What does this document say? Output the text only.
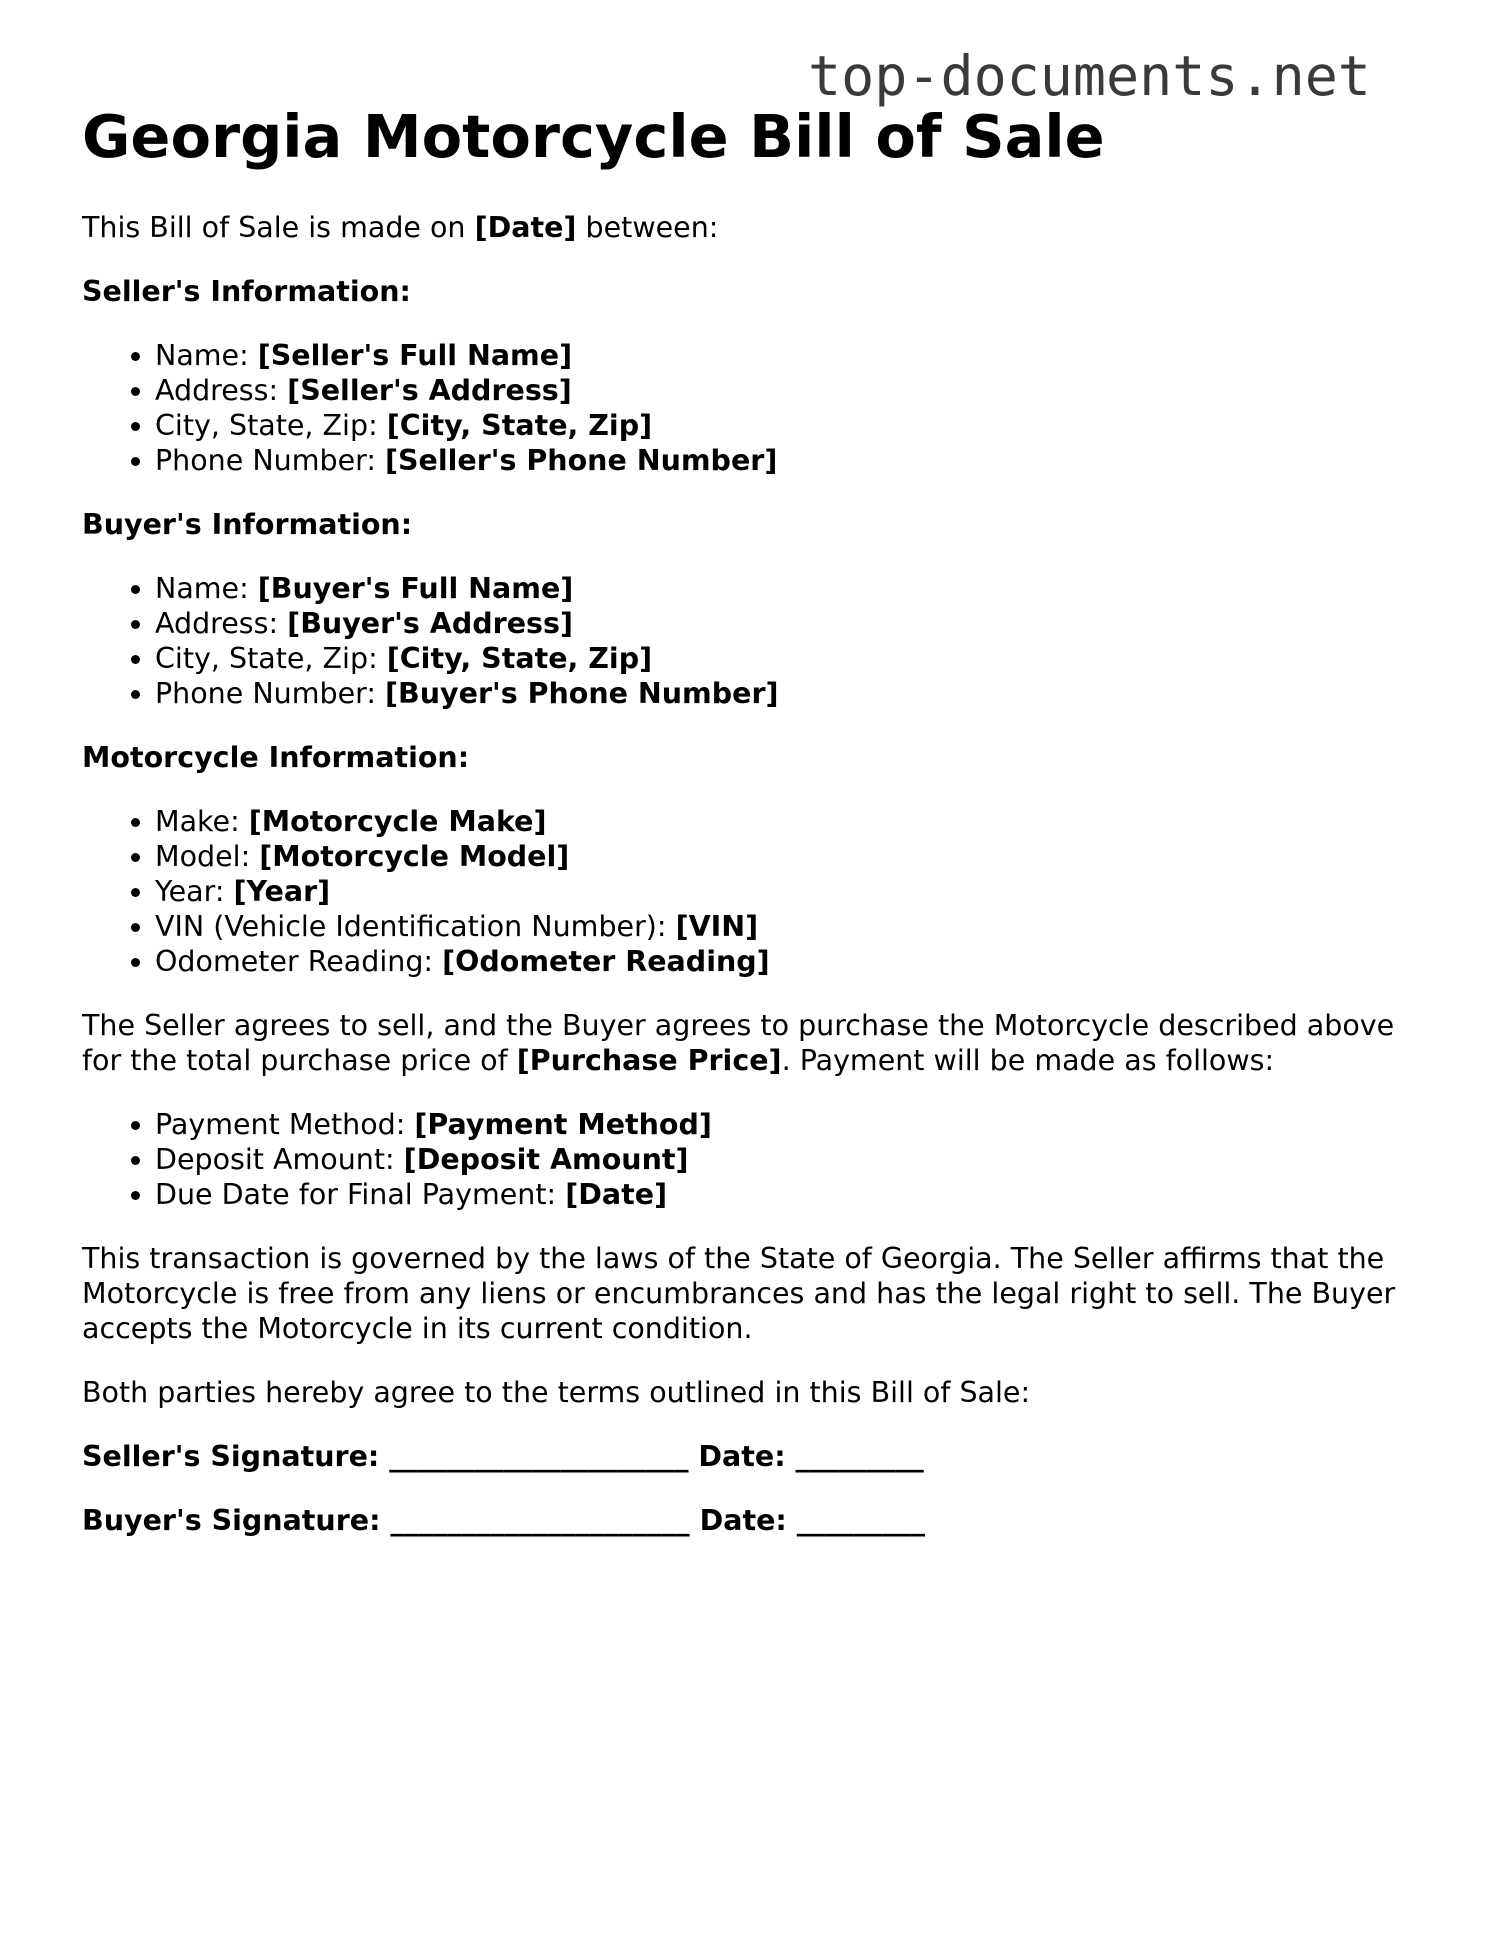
top-documents.net
Georgia Motorcycle Bill of Sale

This Bill of Sale is made on [Date] between:

Seller's Information:

• Name: [Seller's Full Name]
• Address: [Seller's Address]
• City, State, Zip: [City, State, Zip]
• Phone Number: [Seller's Phone Number]

Buyer's Information:

• Name: [Buyer's Full Name]
• Address: [Buyer's Address]
• City, State, Zip: [City, State, Zip]
• Phone Number: [Buyer's Phone Number]

Motorcycle Information:

• Make: [Motorcycle Make]
• Model: [Motorcycle Model]
• Year: [Year]
• VIN (Vehicle Identification Number): [VIN]
• Odometer Reading: [Odometer Reading]

The Seller agrees to sell, and the Buyer agrees to purchase the Motorcycle described above for the total purchase price of [Purchase Price]. Payment will be made as follows:

• Payment Method: [Payment Method]
• Deposit Amount: [Deposit Amount]
• Due Date for Final Payment: [Date]

This transaction is governed by the laws of the State of Georgia. The Seller affirms that the Motorcycle is free from any liens or encumbrances and has the legal right to sell. The Buyer accepts the Motorcycle in its current condition.

Both parties hereby agree to the terms outlined in this Bill of Sale:

Seller's Signature: _____________________ Date: _________

Buyer's Signature: _____________________ Date: _________
